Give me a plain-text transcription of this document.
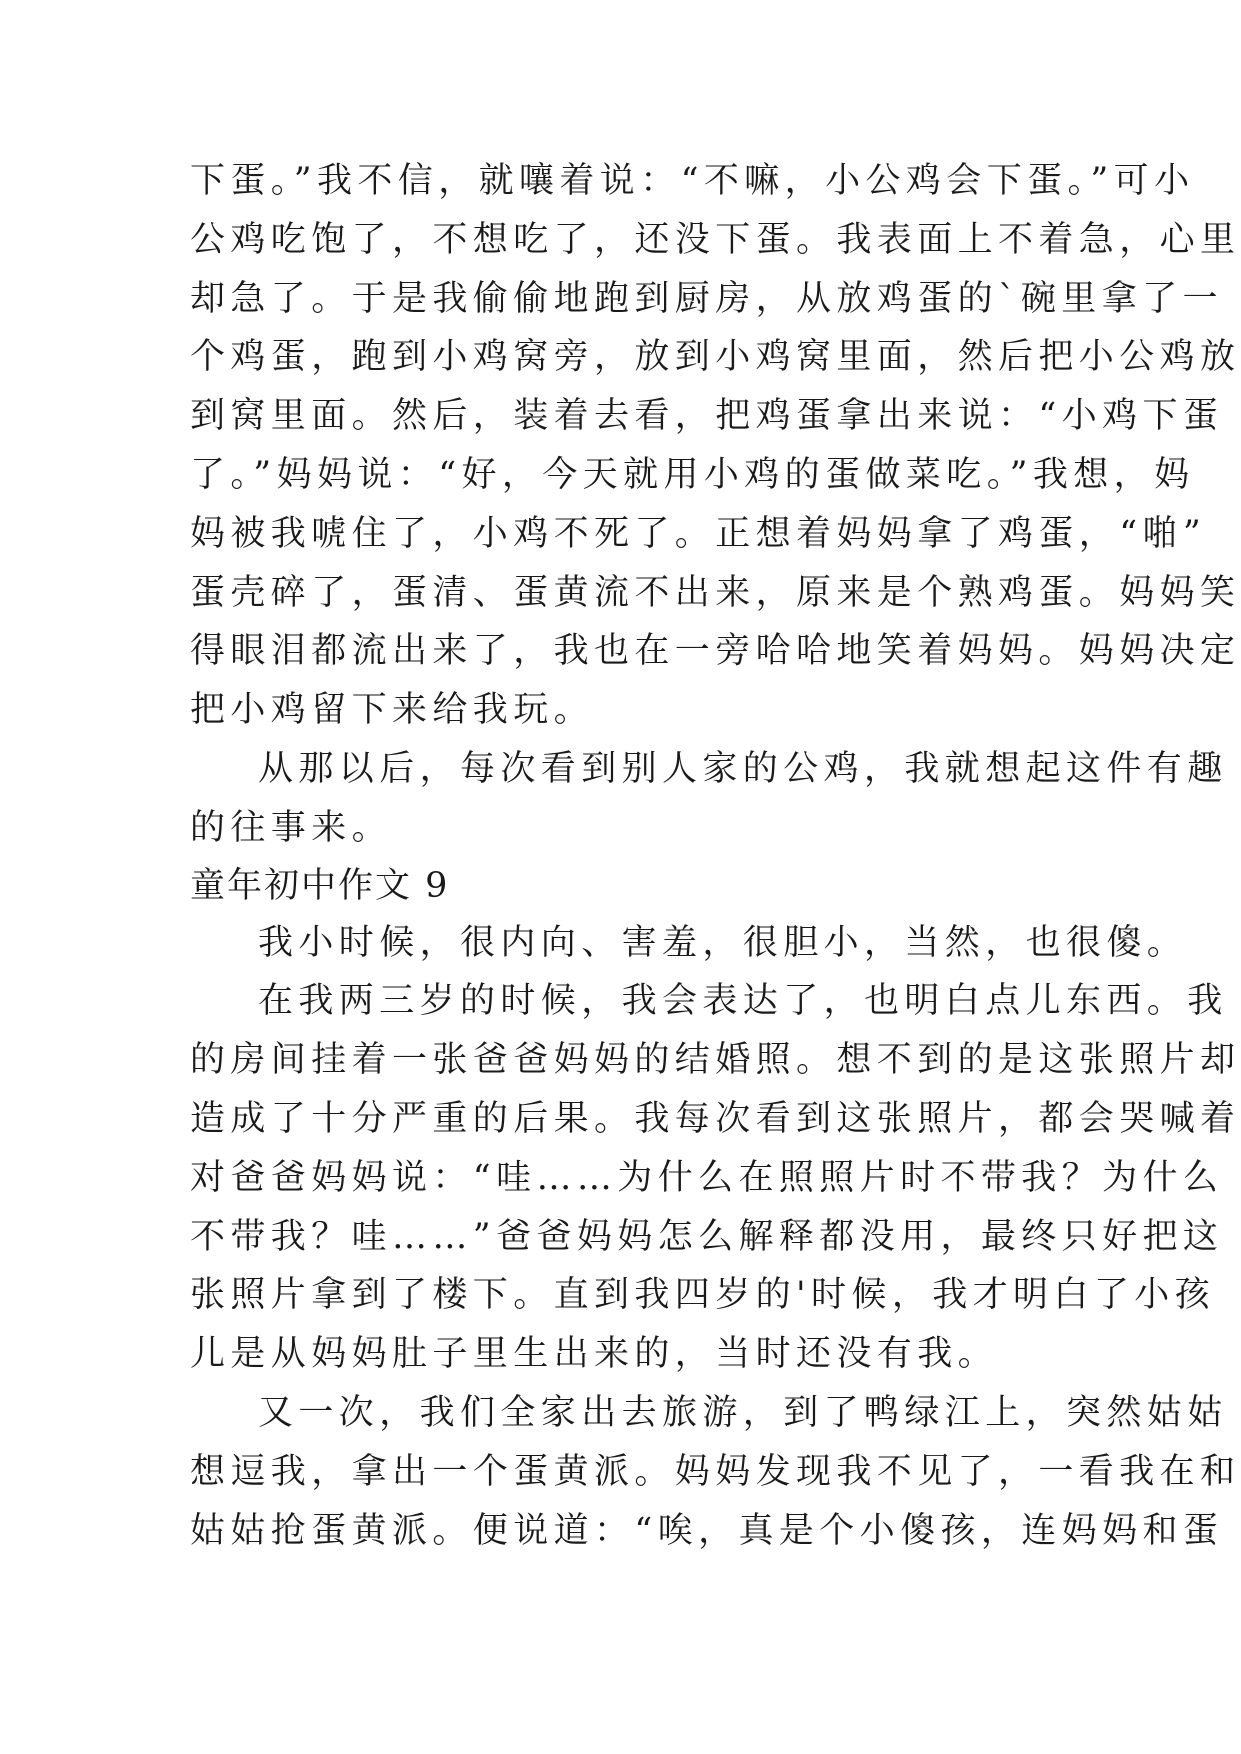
下蛋。”我不信，就嚷着说：“不嘛，小公鸡会下蛋。”可小
公鸡吃饱了，不想吃了，还没下蛋。我表面上不着急，心里
却急了。于是我偷偷地跑到厨房，从放鸡蛋的`碗里拿了一
个鸡蛋，跑到小鸡窝旁，放到小鸡窝里面，然后把小公鸡放
到窝里面。然后，装着去看，把鸡蛋拿出来说：“小鸡下蛋
了。”妈妈说：“好，今天就用小鸡的蛋做菜吃。”我想，妈
妈被我唬住了，小鸡不死了。正想着妈妈拿了鸡蛋，“啪”
蛋壳碎了，蛋清、蛋黄流不出来，原来是个熟鸡蛋。妈妈笑
得眼泪都流出来了，我也在一旁哈哈地笑着妈妈。妈妈决定
把小鸡留下来给我玩。
从那以后，每次看到别人家的公鸡，我就想起这件有趣
的往事来。
童年初中作文 9
我小时候，很内向、害羞，很胆小，当然，也很傻。
在我两三岁的时候，我会表达了，也明白点儿东西。我
的房间挂着一张爸爸妈妈的结婚照。想不到的是这张照片却
造成了十分严重的后果。我每次看到这张照片，都会哭喊着
对爸爸妈妈说：“哇……为什么在照照片时不带我？为什么
不带我？哇……”爸爸妈妈怎么解释都没用，最终只好把这
张照片拿到了楼下。直到我四岁的'时候，我才明白了小孩
儿是从妈妈肚子里生出来的，当时还没有我。
又一次，我们全家出去旅游，到了鸭绿江上，突然姑姑
想逗我，拿出一个蛋黄派。妈妈发现我不见了，一看我在和
姑姑抢蛋黄派。便说道：“唉，真是个小傻孩，连妈妈和蛋
